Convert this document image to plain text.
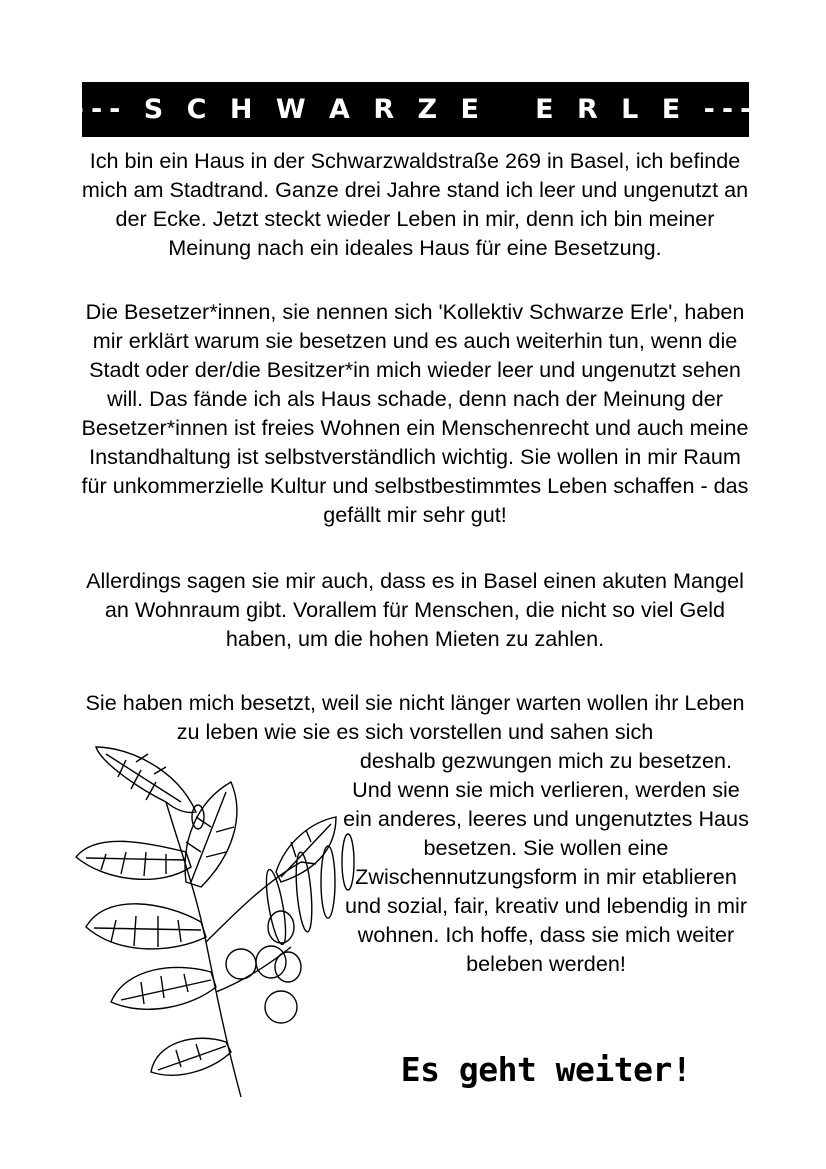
--- S C H W A R Z E   E R L E ---

Ich bin ein Haus in der Schwarzwaldstraße 269 in Basel, ich befinde mich am Stadtrand. Ganze drei Jahre stand ich leer und ungenutzt an der Ecke. Jetzt steckt wieder Leben in mir, denn ich bin meiner Meinung nach ein ideales Haus für eine Besetzung.

Die Besetzer*innen, sie nennen sich 'Kollektiv Schwarze Erle', haben mir erklärt warum sie besetzen und es auch weiterhin tun, wenn die Stadt oder der/die Besitzer*in mich wieder leer und ungenutzt sehen will. Das fände ich als Haus schade, denn nach der Meinung der Besetzer*innen ist freies Wohnen ein Menschenrecht und auch meine Instandhaltung ist selbstverständlich wichtig. Sie wollen in mir Raum für unkommerzielle Kultur und selbstbestimmtes Leben schaffen - das gefällt mir sehr gut!

Allerdings sagen sie mir auch, dass es in Basel einen akuten Mangel an Wohnraum gibt. Vorallem für Menschen, die nicht so viel Geld haben, um die hohen Mieten zu zahlen.

Sie haben mich besetzt, weil sie nicht länger warten wollen ihr Leben zu leben wie sie es sich vorstellen und sahen sich

deshalb gezwungen mich zu besetzen. Und wenn sie mich verlieren, werden sie ein anderes, leeres und ungenutztes Haus besetzen. Sie wollen eine Zwischennutzungsform in mir etablieren und sozial, fair, kreativ und lebendig in mir wohnen. Ich hoffe, dass sie mich weiter beleben werden!

Es geht weiter!
